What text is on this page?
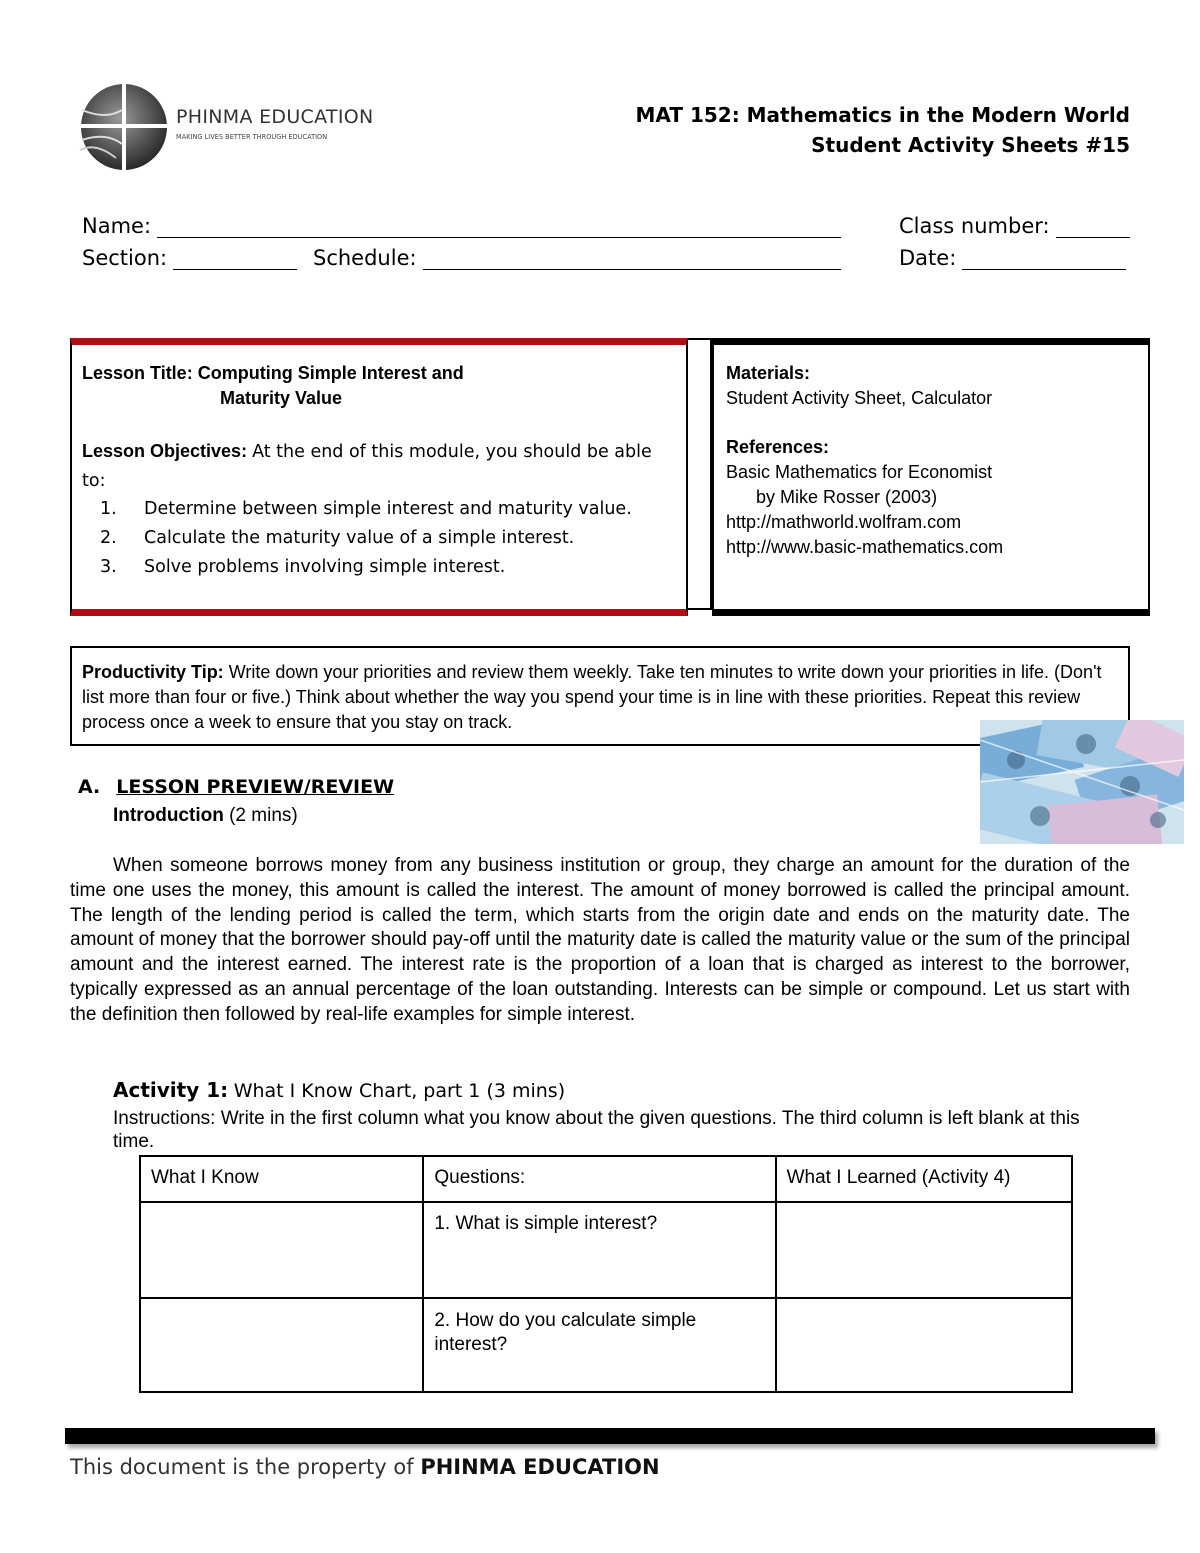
PHINMA EDUCATION
MAKING LIVES BETTER THROUGH EDUCATION
MAT 152: Mathematics in the Modern World
Student Activity Sheets #15
Name:	Class number:
Section:	Schedule:	Date:
Lesson Title: Computing Simple Interest and
Maturity Value
Lesson Objectives: At the end of this module, you should be able to:
1.	Determine between simple interest and maturity value.
2.	Calculate the maturity value of a simple interest.
3.	Solve problems involving simple interest.
Materials:
Student Activity Sheet, Calculator
References:
Basic Mathematics for Economist
by Mike Rosser (2003)
http://mathworld.wolfram.com
http://www.basic-mathematics.com
Productivity Tip: Write down your priorities and review them weekly. Take ten minutes to write down your priorities in life. (Don't list more than four or five.) Think about whether the way you spend your time is in line with these priorities. Repeat this review process once a week to ensure that you stay on track.
A. LESSON PREVIEW/REVIEW
Introduction (2 mins)

When someone borrows money from any business institution or group, they charge an amount for the duration of the time one uses the money, this amount is called the interest. The amount of money borrowed is called the principal amount. The length of the lending period is called the term, which starts from the origin date and ends on the maturity date. The amount of money that the borrower should pay-off until the maturity date is called the maturity value or the sum of the principal amount and the interest earned. The interest rate is the proportion of a loan that is charged as interest to the borrower, typically expressed as an annual percentage of the loan outstanding. Interests can be simple or compound. Let us start with the definition then followed by real-life examples for simple interest.

Activity 1: What I Know Chart, part 1 (3 mins)
Instructions: Write in the first column what you know about the given questions. The third column is left blank at this time.
What I Know	Questions:	What I Learned (Activity 4)
	1. What is simple interest?	
	2. How do you calculate simple interest?	
This document is the property of PHINMA EDUCATION
